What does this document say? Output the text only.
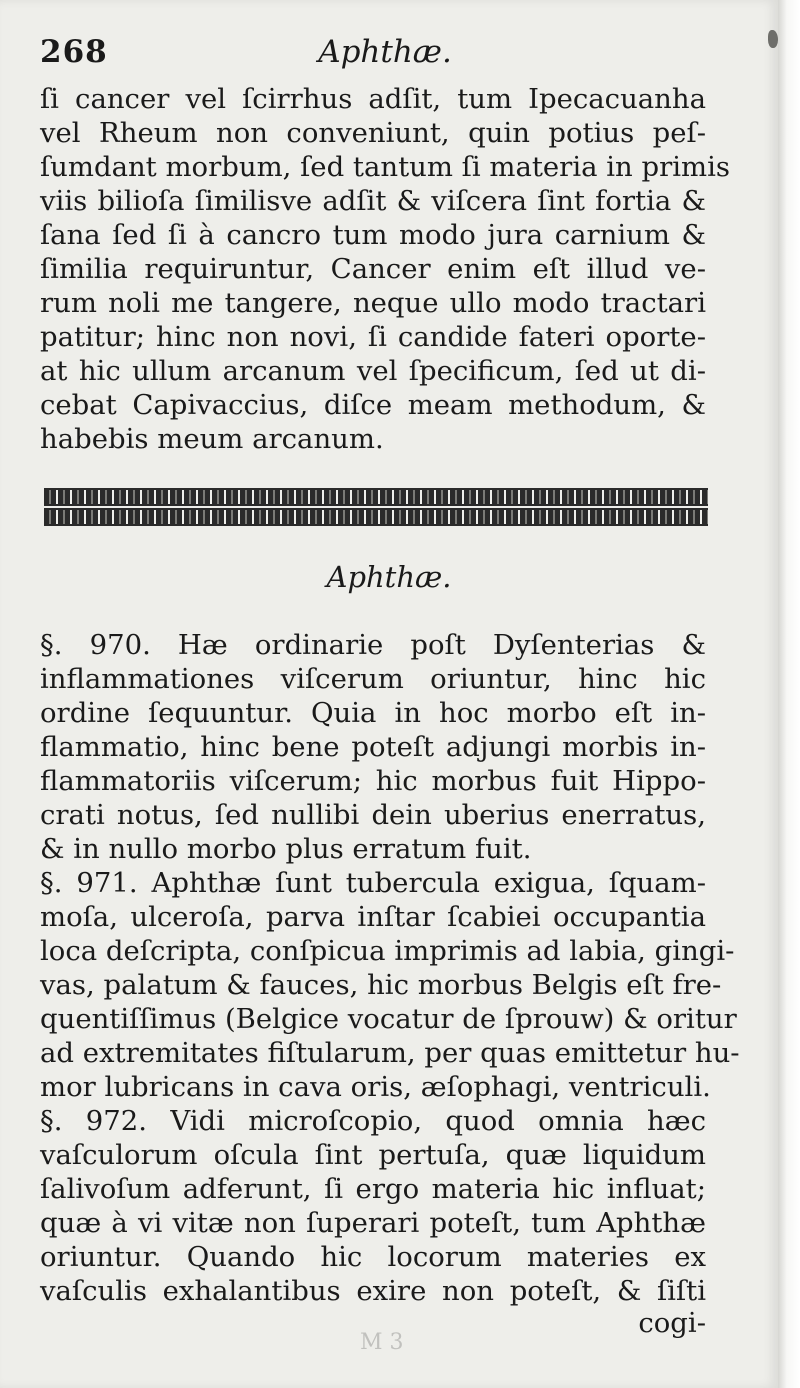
268	Aphthæ.
ſi cancer vel ſcirrhus adſit, tum Ipecacuanha
vel Rheum non conveniunt, quin potius peſ-
ſumdant morbum, ſed tantum ſi materia in primis
viis bilioſa ſimilisve adſit & viſcera ſint fortia &
ſana ſed ſi à cancro tum modo jura carnium &
ſimilia requiruntur, Cancer enim eſt illud ve-
rum noli me tangere, neque ullo modo tractari
patitur; hinc non novi, ſi candide fateri oporte-
at hic ullum arcanum vel ſpecificum, ſed ut di-
cebat Capivaccius, diſce meam methodum, &
habebis meum arcanum.
Aphthæ.
§. 970. Hæ ordinarie poſt Dyſenterias &
inflammationes viſcerum oriuntur, hinc hic
ordine ſequuntur. Quia in hoc morbo eſt in-
flammatio, hinc bene poteſt adjungi morbis in-
flammatoriis viſcerum; hic morbus fuit Hippo-
crati notus, ſed nullibi dein uberius enerratus,
& in nullo morbo plus erratum fuit.
§. 971. Aphthæ ſunt tubercula exigua, ſquam-
moſa, ulceroſa, parva inſtar ſcabiei occupantia
loca deſcripta, conſpicua imprimis ad labia, gingi-
vas, palatum & fauces, hic morbus Belgis eſt fre-
quentiſſimus (Belgice vocatur de ſprouw) & oritur
ad extremitates fiſtularum, per quas emittetur hu-
mor lubricans in cava oris, æſophagi, ventriculi.
§. 972. Vidi microſcopio, quod omnia hæc
vaſculorum oſcula ſint pertuſa, quæ liquidum
ſalivoſum adferunt, ſi ergo materia hic influat;
quæ à vi vitæ non ſuperari poteſt, tum Aphthæ
oriuntur. Quando hic locorum materies ex
vaſculis exhalantibus exire non poteſt, & ſiſti
cogi-
M 3
